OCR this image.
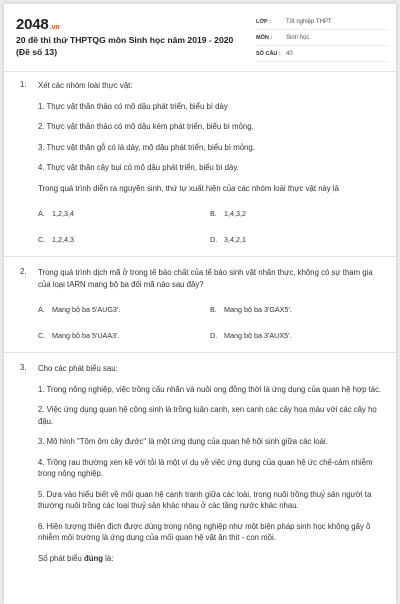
2048 .vn
20 đề thi thử THPTQG môn Sinh học năm 2019 - 2020 (Đề số 13)
LỚP :	Tốt nghiệp THPT
MÔN :	Sinh học
SỐ CÂU : 40
1. Xét các nhóm loài thực vật:
1. Thực vật thân thảo có mô dậu phát triển, biểu bì dày
2. Thực vật thân thảo có mô dậu kém phát triển, biểu bì mỏng.
3. Thực vật thân gỗ có lá dày, mô dậu phát triển, biểu bì mỏng.
4. Thực vật thân cây bụi có mô dậu phát triển, biểu bì dày.
Trong quá trình diễn ra nguyên sinh, thứ tự xuất hiện của các nhóm loài thực vật này là
A.	1,2,3,4	B.	1,4,3,2
C. 1,2,4,3	D. 3,4,2,1
2. Trong quá trình dịch mã ở trong tế bào chất của tế bào sinh vật nhân thực, không có sự tham gia của loại tARN mang bộ ba đối mã nào sau đây?
A.	Mang bộ ba 5'AUG3'.	B.	Mang bộ ba 3'GAX5'.
C. Mang bộ ba 5'UAA3'.	D. Mang bộ ba 3'AUX5'.
3. Cho các phát biểu sau:
1. Trong nông nghiệp, việc trồng cấu nhãn và nuôi ong đồng thời là ứng dụng của quan hệ hợp tác.
2. Việc ứng dụng quan hệ cộng sinh là trồng luân canh, xen canh các cây hoa màu với các cây họ đậu.
3. Mô hình "Tôm ôm cây đước" là một ứng dụng của quan hệ hội sinh giữa các loài.
4. Trồng rau thường xen kẽ với tỏi là một ví dụ về việc ứng dụng của quan hệ ức chế-cảm nhiễm trong nông nghiệp.
5. Dựa vào hiểu biết về mối quan hệ cạnh tranh giữa các loài, trong nuôi trồng thuỷ sản người ta thường nuôi trồng các loại thuỷ sản khác nhau ở các tầng nước khác nhau.
6. Hiện tượng thiên địch được dùng trong nông nghiệp như một biện pháp sinh học không gây ô nhiễm môi trường là ứng dụng của mối quan hệ vật ăn thịt - con mồi.
Số phát biểu đúng là:
